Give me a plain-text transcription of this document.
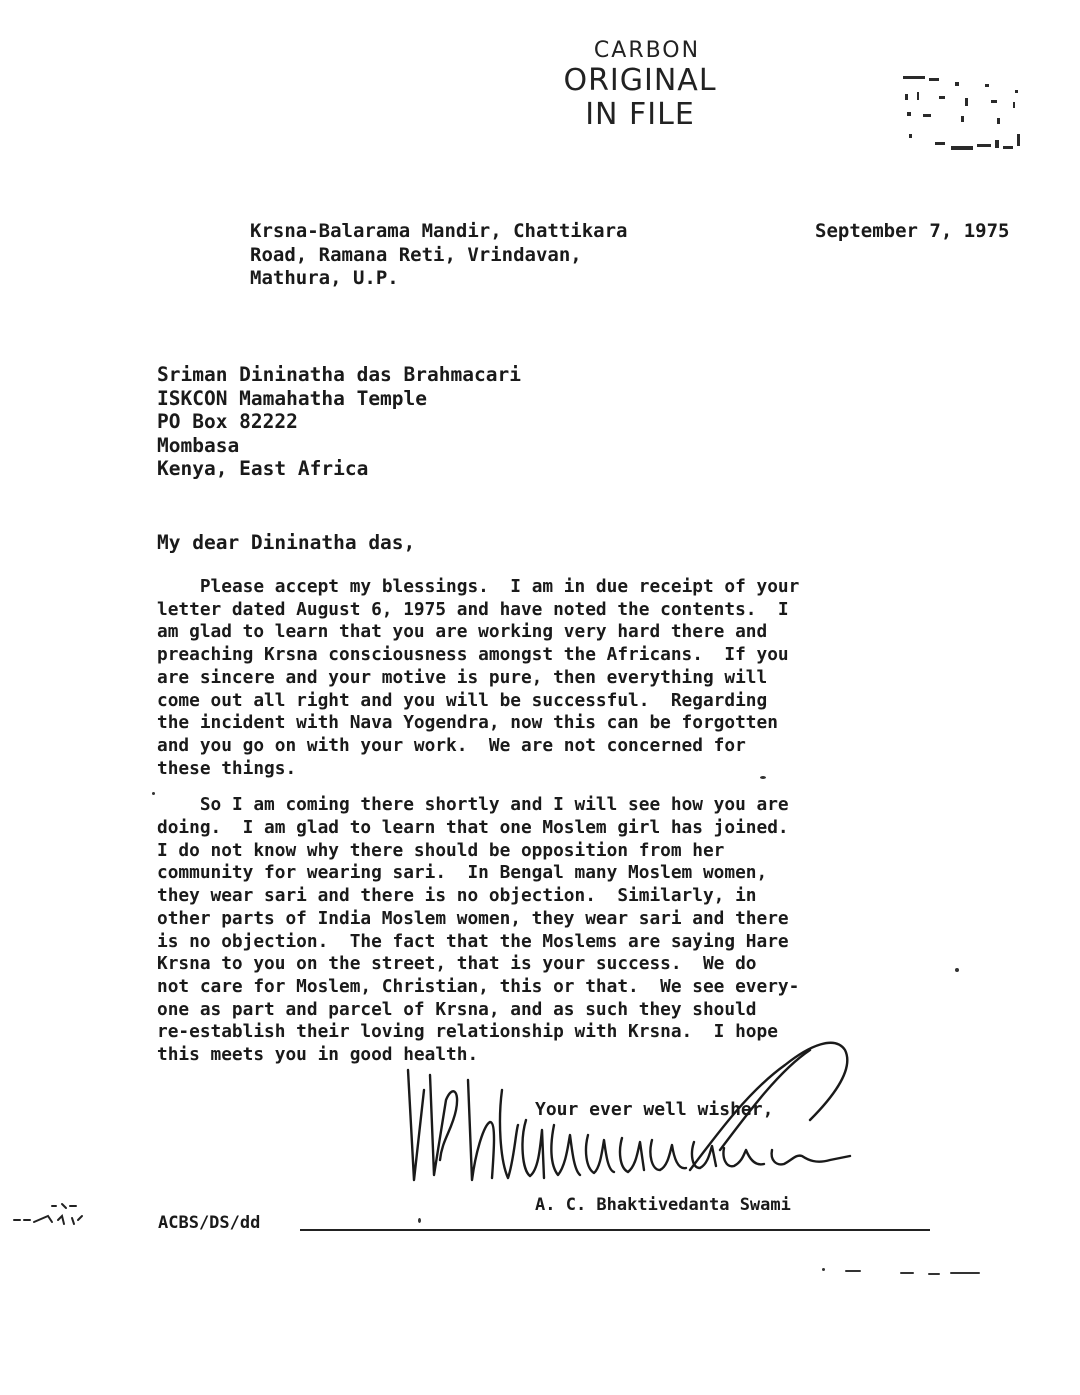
CARBON
ORIGINAL
IN FILE
Krsna-Balarama Mandir, Chattikara
Road, Ramana Reti, Vrindavan,
Mathura, U.P.
September 7, 1975
Sriman Dininatha das Brahmacari
ISKCON Mamahatha Temple
PO Box 82222
Mombasa
Kenya, East Africa
My dear Dininatha das,

Please accept my blessings.  I am in due receipt of your
letter dated August 6, 1975 and have noted the contents.  I
am glad to learn that you are working very hard there and
preaching Krsna consciousness amongst the Africans.  If you
are sincere and your motive is pure, then everything will
come out all right and you will be successful.  Regarding
the incident with Nava Yogendra, now this can be forgotten
and you go on with your work.  We are not concerned for
these things.

So I am coming there shortly and I will see how you are
doing.  I am glad to learn that one Moslem girl has joined.
I do not know why there should be opposition from her
community for wearing sari.  In Bengal many Moslem women,
they wear sari and there is no objection.  Similarly, in
other parts of India Moslem women, they wear sari and there
is no objection.  The fact that the Moslems are saying Hare
Krsna to you on the street, that is your success.  We do
not care for Moslem, Christian, this or that.  We see every-
one as part and parcel of Krsna, and as such they should
re-establish their loving relationship with Krsna.  I hope
this meets you in good health.

Your ever well wisher,
A. C. Bhaktivedanta Swami
ACBS/DS/dd
